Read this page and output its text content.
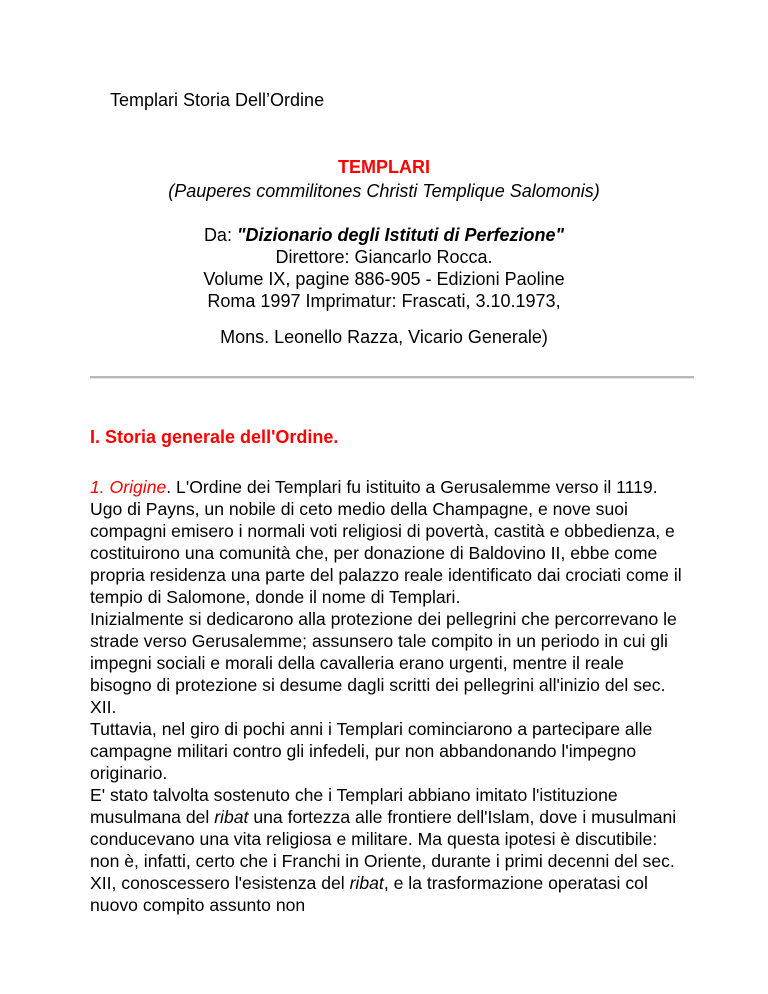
Templari Storia Dell’Ordine
TEMPLARI
(Pauperes commilitones Christi Templique Salomonis)
Da: "Dizionario degli Istituti di Perfezione"
Direttore: Giancarlo Rocca.
Volume IX, pagine 886-905 - Edizioni Paoline
Roma 1997 Imprimatur: Frascati, 3.10.1973,
Mons. Leonello Razza, Vicario Generale)
I. Storia generale dell'Ordine.

1. Origine. L'Ordine dei Templari fu istituito a Gerusalemme verso il 1119. Ugo di Payns, un nobile di ceto medio della Champagne, e nove suoi compagni emisero i normali voti religiosi di povertà, castità e obbedienza, e costituirono una comunità che, per donazione di Baldovino II, ebbe come propria residenza una parte del palazzo reale identificato dai crociati come il tempio di Salomone, donde il nome di Templari.

Inizialmente si dedicarono alla protezione dei pellegrini che percorrevano le strade verso Gerusalemme; assunsero tale compito in un periodo in cui gli impegni sociali e morali della cavalleria erano urgenti, mentre il reale bisogno di protezione si desume dagli scritti dei pellegrini all'inizio del sec. XII.

Tuttavia, nel giro di pochi anni i Templari cominciarono a partecipare alle campagne militari contro gli infedeli, pur non abbandonando l'impegno originario.

E' stato talvolta sostenuto che i Templari abbiano imitato l'istituzione musulmana del ribat una fortezza alle frontiere dell'Islam, dove i musulmani conducevano una vita religiosa e militare. Ma questa ipotesi è discutibile: non è, infatti, certo che i Franchi in Oriente, durante i primi decenni del sec. XII, conoscessero l'esistenza del ribat, e la trasformazione operatasi col nuovo compito assunto non
